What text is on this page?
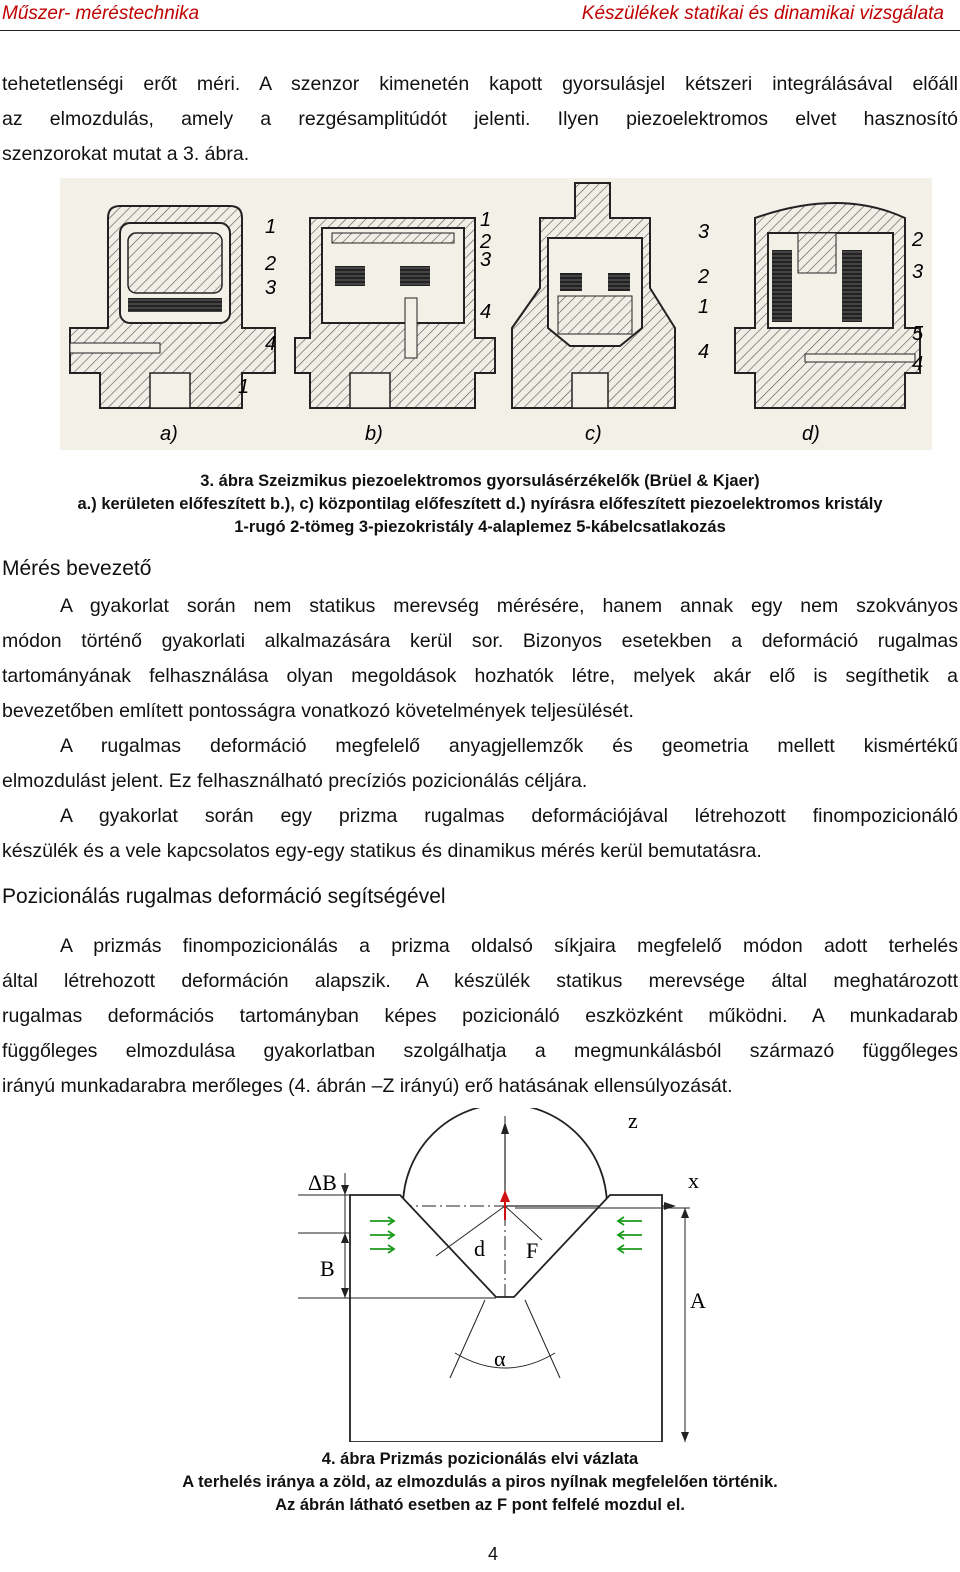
Műszer- méréstechnika	Készülékek statikai és dinamikai vizsgálata
tehetetlenségi erőt méri. A szenzor kimenetén kapott gyorsulásjel kétszeri integrálásával előáll
az elmozdulás, amely a rezgésamplitúdót jelenti. Ilyen piezoelektromos elvet hasznosító
szenzorokat mutat a 3. ábra.
1
2
3
4
1
a)
1
2
3
4
b)
3
2
1
4
c)
2
3
5
4
d)
3. ábra Szeizmikus piezoelektromos gyorsulásérzékelők (Brüel & Kjaer)
a.) kerületen előfeszített b.), c) központilag előfeszített d.) nyírásra előfeszített piezoelektromos kristály
1-rugó 2-tömeg 3-piezokristály 4-alaplemez 5-kábelcsatlakozás
Mérés bevezető
A gyakorlat során nem statikus merevség mérésére, hanem annak egy nem szokványos
módon történő gyakorlati alkalmazására kerül sor. Bizonyos esetekben a deformáció rugalmas
tartományának felhasználása olyan megoldások hozhatók létre, melyek akár elő is segíthetik a
bevezetőben említett pontosságra vonatkozó követelmények teljesülését.
A rugalmas deformáció megfelelő anyagjellemzők és geometria mellett kismértékű
elmozdulást jelent. Ez felhasználható precíziós pozicionálás céljára.
A gyakorlat során egy prizma rugalmas deformációjával létrehozott finompozicionáló
készülék és a vele kapcsolatos egy-egy statikus és dinamikus mérés kerül bemutatásra.
Pozicionálás rugalmas deformáció segítségével
A prizmás finompozicionálás a prizma oldalsó síkjaira megfelelő módon adott terhelés
által létrehozott deformáción alapszik. A készülék statikus merevsége által meghatározott
rugalmas deformációs tartományban képes pozicionáló eszközként működni. A munkadarab
függőleges elmozdulása gyakorlatban szolgálhatja a megmunkálásból származó függőleges
irányú munkadarabra merőleges (4. ábrán –Z irányú) erő hatásának ellensúlyozását.
z
x
α
d F
ΔB
B
A
4. ábra Prizmás pozicionálás elvi vázlata
A terhelés iránya a zöld, az elmozdulás a piros nyílnak megfelelően történik.
Az ábrán látható esetben az F pont felfelé mozdul el.
4
